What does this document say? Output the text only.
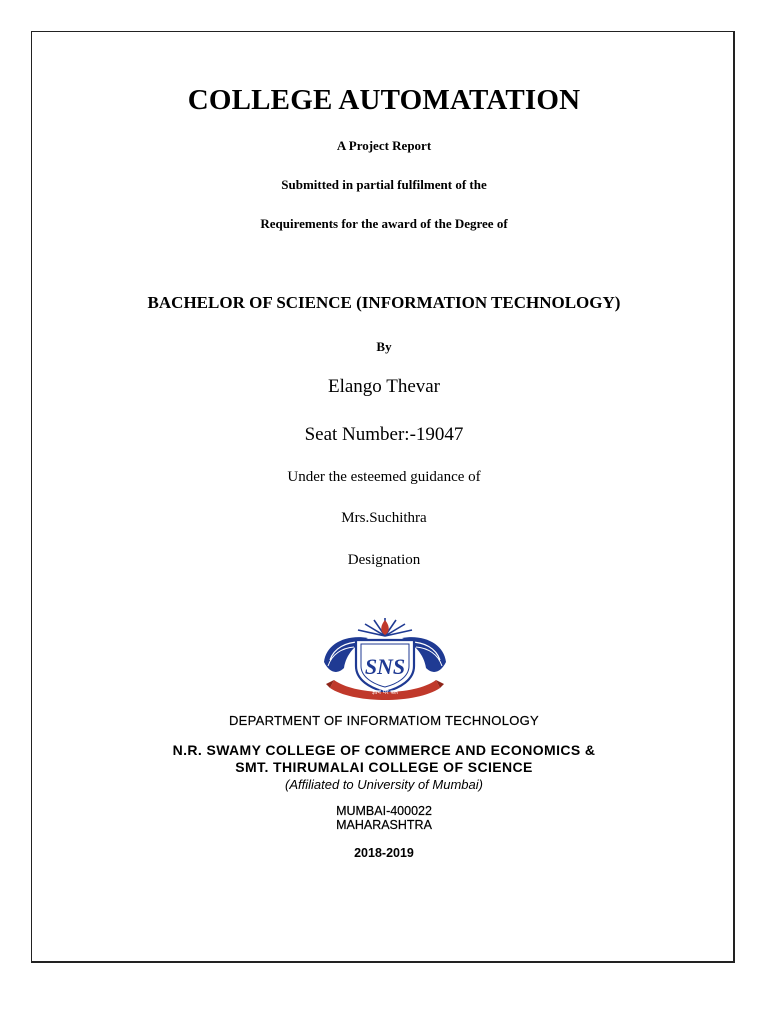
COLLEGE AUTOMATATION
A Project Report
Submitted in partial fulfilment of the
Requirements for the award of the Degree of
BACHELOR OF SCIENCE (INFORMATION TECHNOLOGY)
By
Elango Thevar
Seat Number:-19047
Under the esteemed guidance of
Mrs.Suchithra
Designation
SNS
ज्ञानं परं बलं
DEPARTMENT OF INFORMATIOM TECHNOLOGY
N.R. SWAMY COLLEGE OF COMMERCE AND ECONOMICS &
SMT. THIRUMALAI COLLEGE OF SCIENCE
(Affiliated to University of Mumbai)
MUMBAI-400022
MAHARASHTRA
2018-2019
